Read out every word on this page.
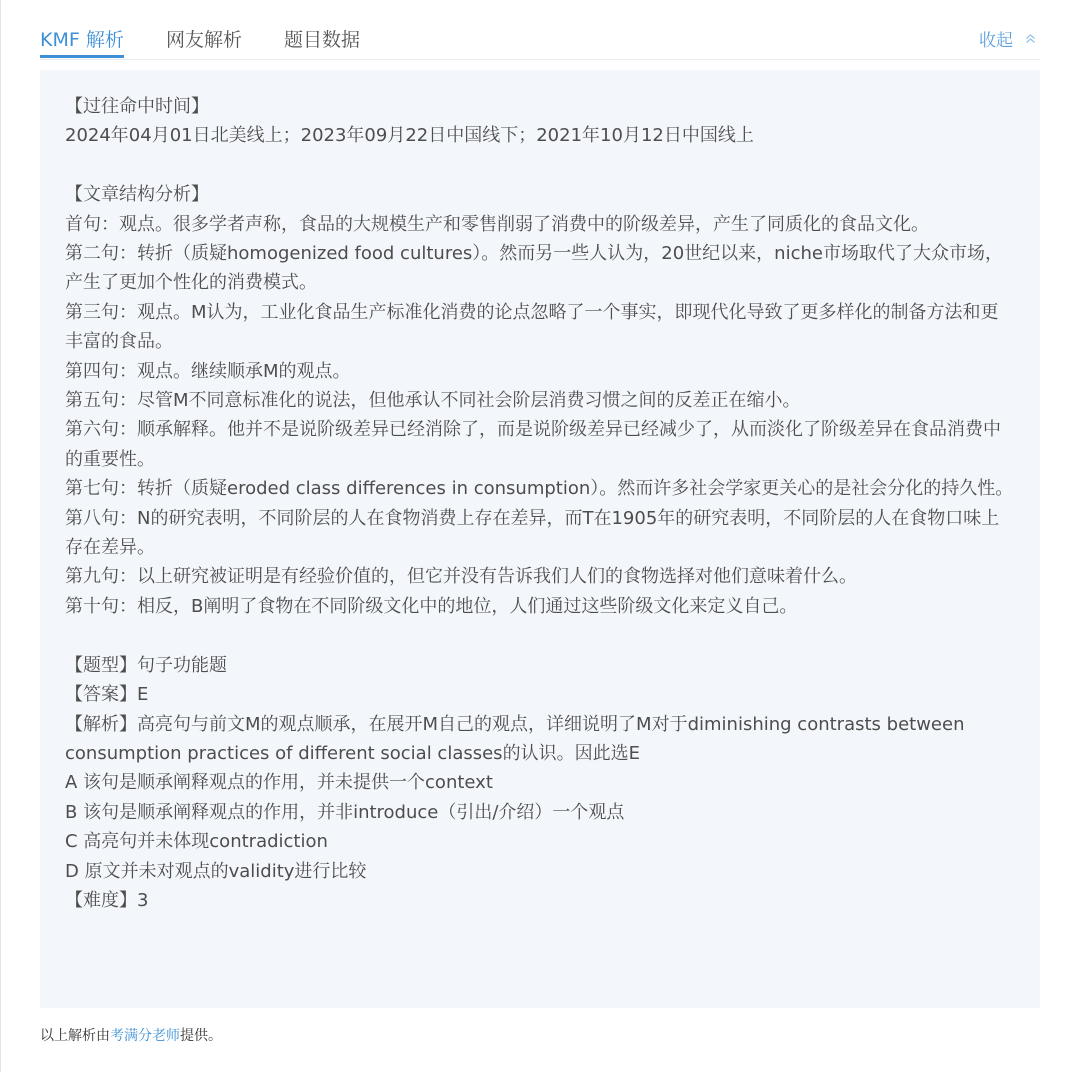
KMF 解析 网友解析 题目数据	收起

【过往命中时间】

2024年04月01日北美线上；2023年09月22日中国线下；2021年10月12日中国线上

【文章结构分析】

首句：观点。很多学者声称，食品的大规模生产和零售削弱了消费中的阶级差异，产生了同质化的食品文化。

第二句：转折（质疑homogenized food cultures）。然而另一些人认为，20世纪以来，niche市场取代了大众市场，产生了更加个性化的消费模式。

第三句：观点。M认为，工业化食品生产标准化消费的论点忽略了一个事实，即现代化导致了更多样化的制备方法和更丰富的食品。

第四句：观点。继续顺承M的观点。

第五句：尽管M不同意标准化的说法，但他承认不同社会阶层消费习惯之间的反差正在缩小。

第六句：顺承解释。他并不是说阶级差异已经消除了，而是说阶级差异已经减少了，从而淡化了阶级差异在食品消费中的重要性。

第七句：转折（质疑eroded class differences in consumption）。然而许多社会学家更关心的是社会分化的持久性。

第八句：N的研究表明，不同阶层的人在食物消费上存在差异，而T在1905年的研究表明，不同阶层的人在食物口味上存在差异。

第九句：以上研究被证明是有经验价值的，但它并没有告诉我们人们的食物选择对他们意味着什么。

第十句：相反，B阐明了食物在不同阶级文化中的地位，人们通过这些阶级文化来定义自己。

【题型】句子功能题

【答案】E

【解析】高亮句与前文M的观点顺承，在展开M自己的观点，详细说明了M对于diminishing contrasts between consumption practices of different social classes的认识。因此选E

A 该句是顺承阐释观点的作用，并未提供一个context

B 该句是顺承阐释观点的作用，并非introduce（引出/介绍）一个观点

C 高亮句并未体现contradiction

D 原文并未对观点的validity进行比较

【难度】3

以上解析由考满分老师提供。
